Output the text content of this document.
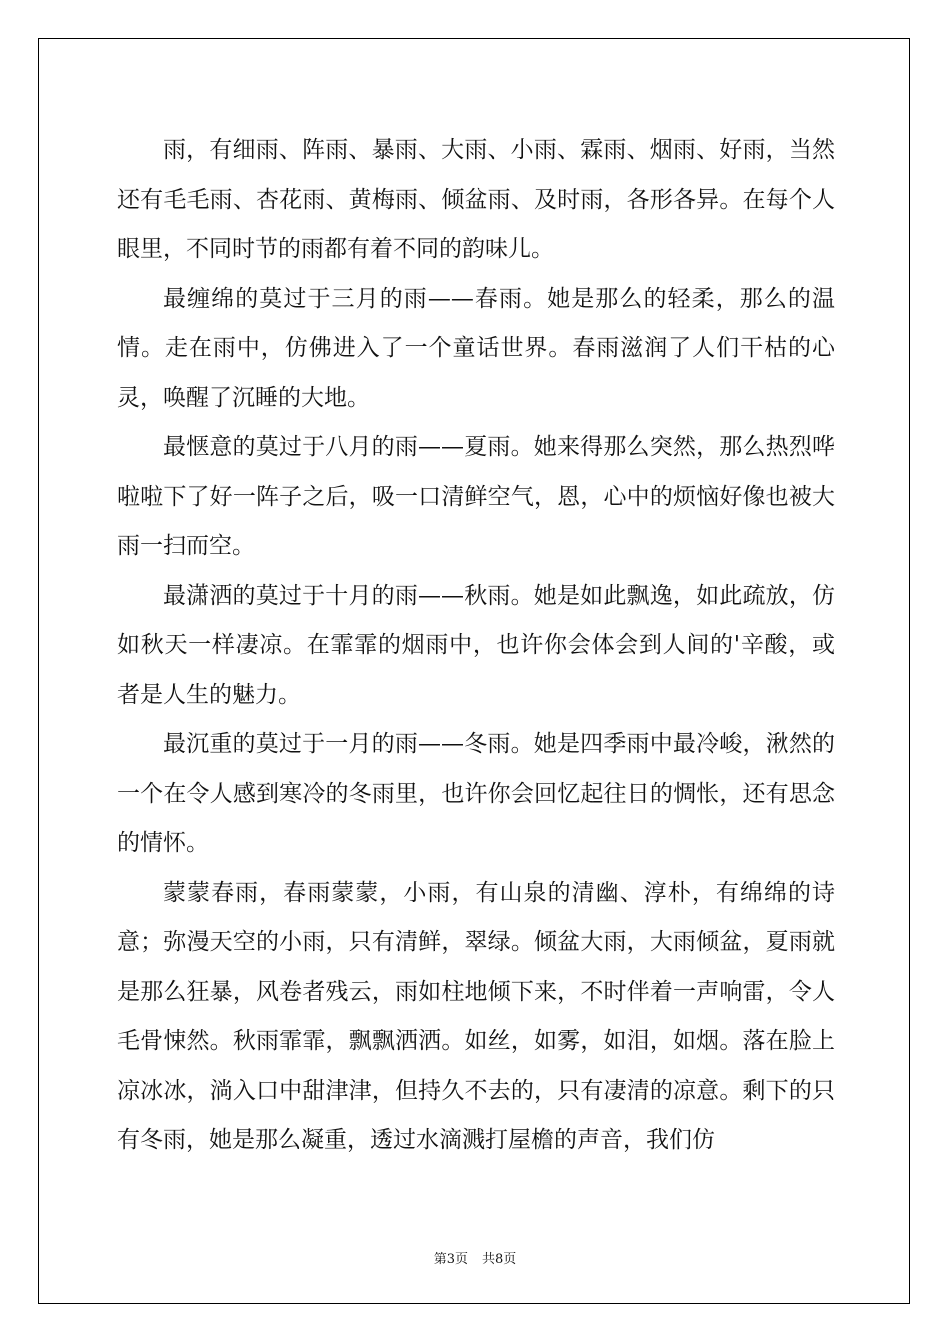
雨，有细雨、阵雨、暴雨、大雨、小雨、霖雨、烟雨、好雨，当然还有毛毛雨、杏花雨、黄梅雨、倾盆雨、及时雨，各形各异。在每个人眼里，不同时节的雨都有着不同的韵味儿。

最缠绵的莫过于三月的雨——春雨。她是那么的轻柔，那么的温情。走在雨中，仿佛进入了一个童话世界。春雨滋润了人们干枯的心灵，唤醒了沉睡的大地。

最惬意的莫过于八月的雨——夏雨。她来得那么突然，那么热烈哗啦啦下了好一阵子之后，吸一口清鲜空气，恩，心中的烦恼好像也被大雨一扫而空。

最潇洒的莫过于十月的雨——秋雨。她是如此飘逸，如此疏放，仿如秋天一样凄凉。在霏霏的烟雨中，也许你会体会到人间的'辛酸，或者是人生的魅力。

最沉重的莫过于一月的雨——冬雨。她是四季雨中最冷峻，湫然的一个在令人感到寒冷的冬雨里，也许你会回忆起往日的惆怅，还有思念的情怀。

蒙蒙春雨，春雨蒙蒙，小雨，有山泉的清幽、淳朴，有绵绵的诗意；弥漫天空的小雨，只有清鲜，翠绿。倾盆大雨，大雨倾盆，夏雨就是那么狂暴，风卷者残云，雨如柱地倾下来，不时伴着一声响雷，令人毛骨悚然。秋雨霏霏，飘飘洒洒。如丝，如雾，如泪，如烟。落在脸上凉冰冰，淌入口中甜津津，但持久不去的，只有凄清的凉意。剩下的只有冬雨，她是那么凝重，透过水滴溅打屋檐的声音，我们仿

第3页 共8页
